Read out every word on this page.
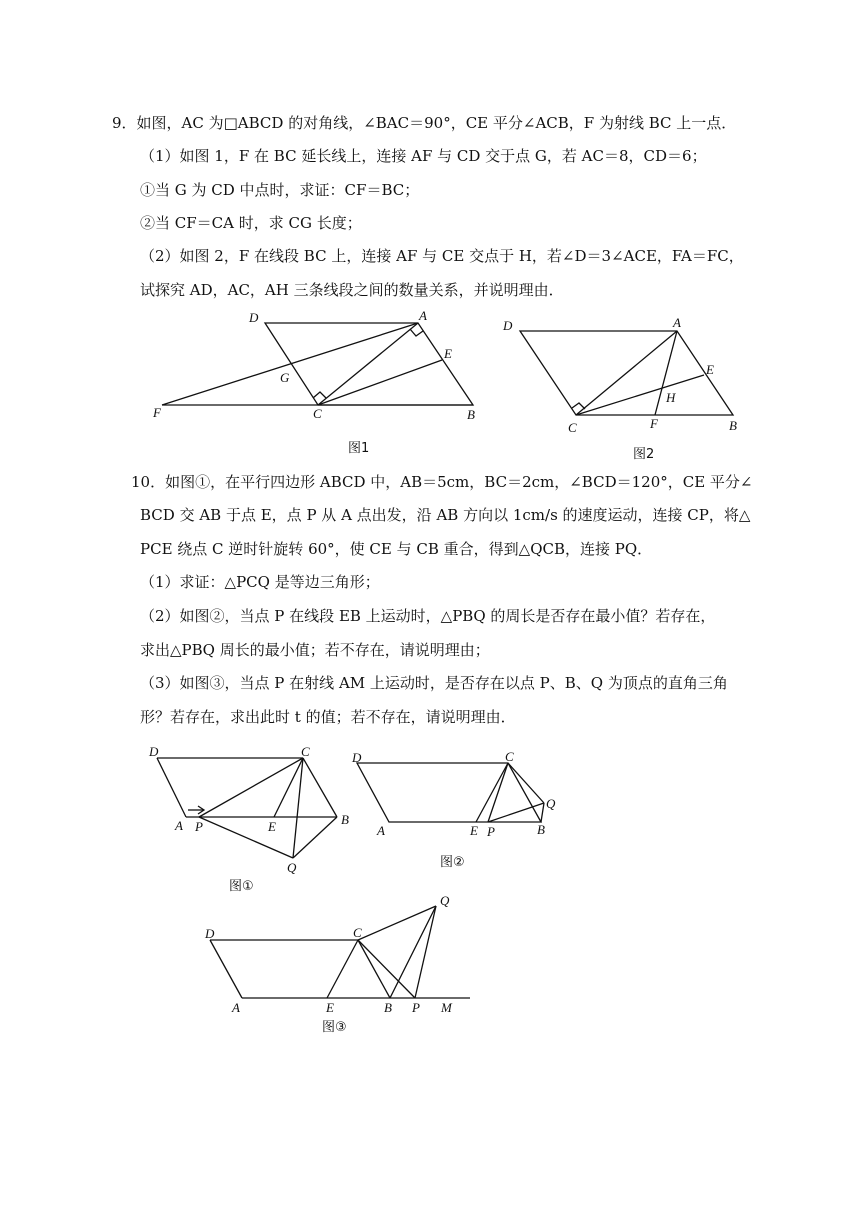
9．如图，AC 为□ABCD 的对角线，∠BAC＝90°，CE 平分∠ACB，F 为射线 BC 上一点．
（1）如图 1，F 在 BC 延长线上，连接 AF 与 CD 交于点 G，若 AC＝8，CD＝6；
①当 G 为 CD 中点时，求证：CF＝BC；
②当 CF＝CA 时，求 CG 长度；
（2）如图 2，F 在线段 BC 上，连接 AF 与 CE 交点于 H，若∠D＝3∠ACE，FA＝FC，
试探究 AD，AC，AH 三条线段之间的数量关系，并说明理由．
D	A
E
G
F	C	B
图1
D	A
E
H
C	F	B
图2
10．如图①，在平行四边形 ABCD 中，AB＝5cm，BC＝2cm，∠BCD＝120°，CE 平分∠
BCD 交 AB 于点 E，点 P 从 A 点出发，沿 AB 方向以 1cm/s 的速度运动，连接 CP，将△
PCE 绕点 C 逆时针旋转 60°，使 CE 与 CB 重合，得到△QCB，连接 PQ．
（1）求证：△PCQ 是等边三角形；
（2）如图②，当点 P 在线段 EB 上运动时，△PBQ 的周长是否存在最小值？若存在，
求出△PBQ 周长的最小值；若不存在，请说明理由；
（3）如图③，当点 P 在射线 AM 上运动时，是否存在以点 P、B、Q 为顶点的直角三角
形？若存在，求出此时 t 的值；若不存在，请说明理由．
D	C
A P	E	B
Q
图①
D	C
Q
A	E P	B
图②
Q
D	C
A	E	B P M
图③
